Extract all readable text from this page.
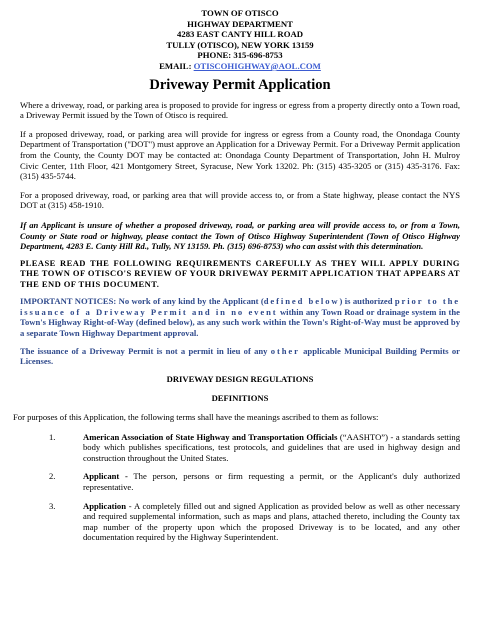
TOWN OF OTISCO
HIGHWAY DEPARTMENT
4283 EAST CANTY HILL ROAD
TULLY (OTISCO), NEW YORK 13159
PHONE: 315-696-8753
EMAIL: OTISCOHIGHWAY@AOL.COM
Driveway Permit Application

Where a driveway, road, or parking area is proposed to provide for ingress or egress from a property directly onto a Town road, a Driveway Permit issued by the Town of Otisco is required.

If a proposed driveway, road, or parking area will provide for ingress or egress from a County road, the Onondaga County Department of Transportation ("DOT") must approve an Application for a Driveway Permit. For a Driveway Permit application from the County, the County DOT may be contacted at: Onondaga County Department of Transportation, John H. Mulroy Civic Center, 11th Floor, 421 Montgomery Street, Syracuse, New York 13202. Ph: (315) 435-3205 or (315) 435-3176. Fax: (315) 435-5744.

For a proposed driveway, road, or parking area that will provide access to, or from a State highway, please contact the NYS DOT at (315) 458-1910.

If an Applicant is unsure of whether a proposed driveway, road, or parking area will provide access to, or from a Town, County or State road or highway, please contact the Town of Otisco Highway Superintendent (Town of Otisco Highway Department, 4283 E. Canty Hill Rd., Tully, NY 13159. Ph. (315) 696-8753) who can assist with this determination.

PLEASE READ THE FOLLOWING REQUIREMENTS CAREFULLY AS THEY WILL APPLY DURING THE TOWN OF OTISCO'S REVIEW OF YOUR DRIVEWAY PERMIT APPLICATION THAT APPEARS AT THE END OF THIS DOCUMENT.

IMPORTANT NOTICES: No work of any kind by the Applicant (defined below) is authorized prior to the issuance of a Driveway Permit and in no event within any Town Road or drainage system in the Town's Highway Right-of-Way (defined below), as any such work within the Town's Right-of-Way must be approved by a separate Town Highway Department approval.

The issuance of a Driveway Permit is not a permit in lieu of any other applicable Municipal Building Permits or Licenses.

DRIVEWAY DESIGN REGULATIONS
DEFINITIONS

For purposes of this Application, the following terms shall have the meanings ascribed to them as follows:

1.	American Association of State Highway and Transportation Officials (“AASHTO”) - a standards setting body which publishes specifications, test protocols, and guidelines that are used in highway design and construction throughout the United States.

2.	Applicant - The person, persons or firm requesting a permit, or the Applicant's duly authorized representative.

3.	Application - A completely filled out and signed Application as provided below as well as other necessary and required supplemental information, such as maps and plans, attached thereto, including the County tax map number of the property upon which the proposed Driveway is to be located, and any other documentation required by the Highway Superintendent.
